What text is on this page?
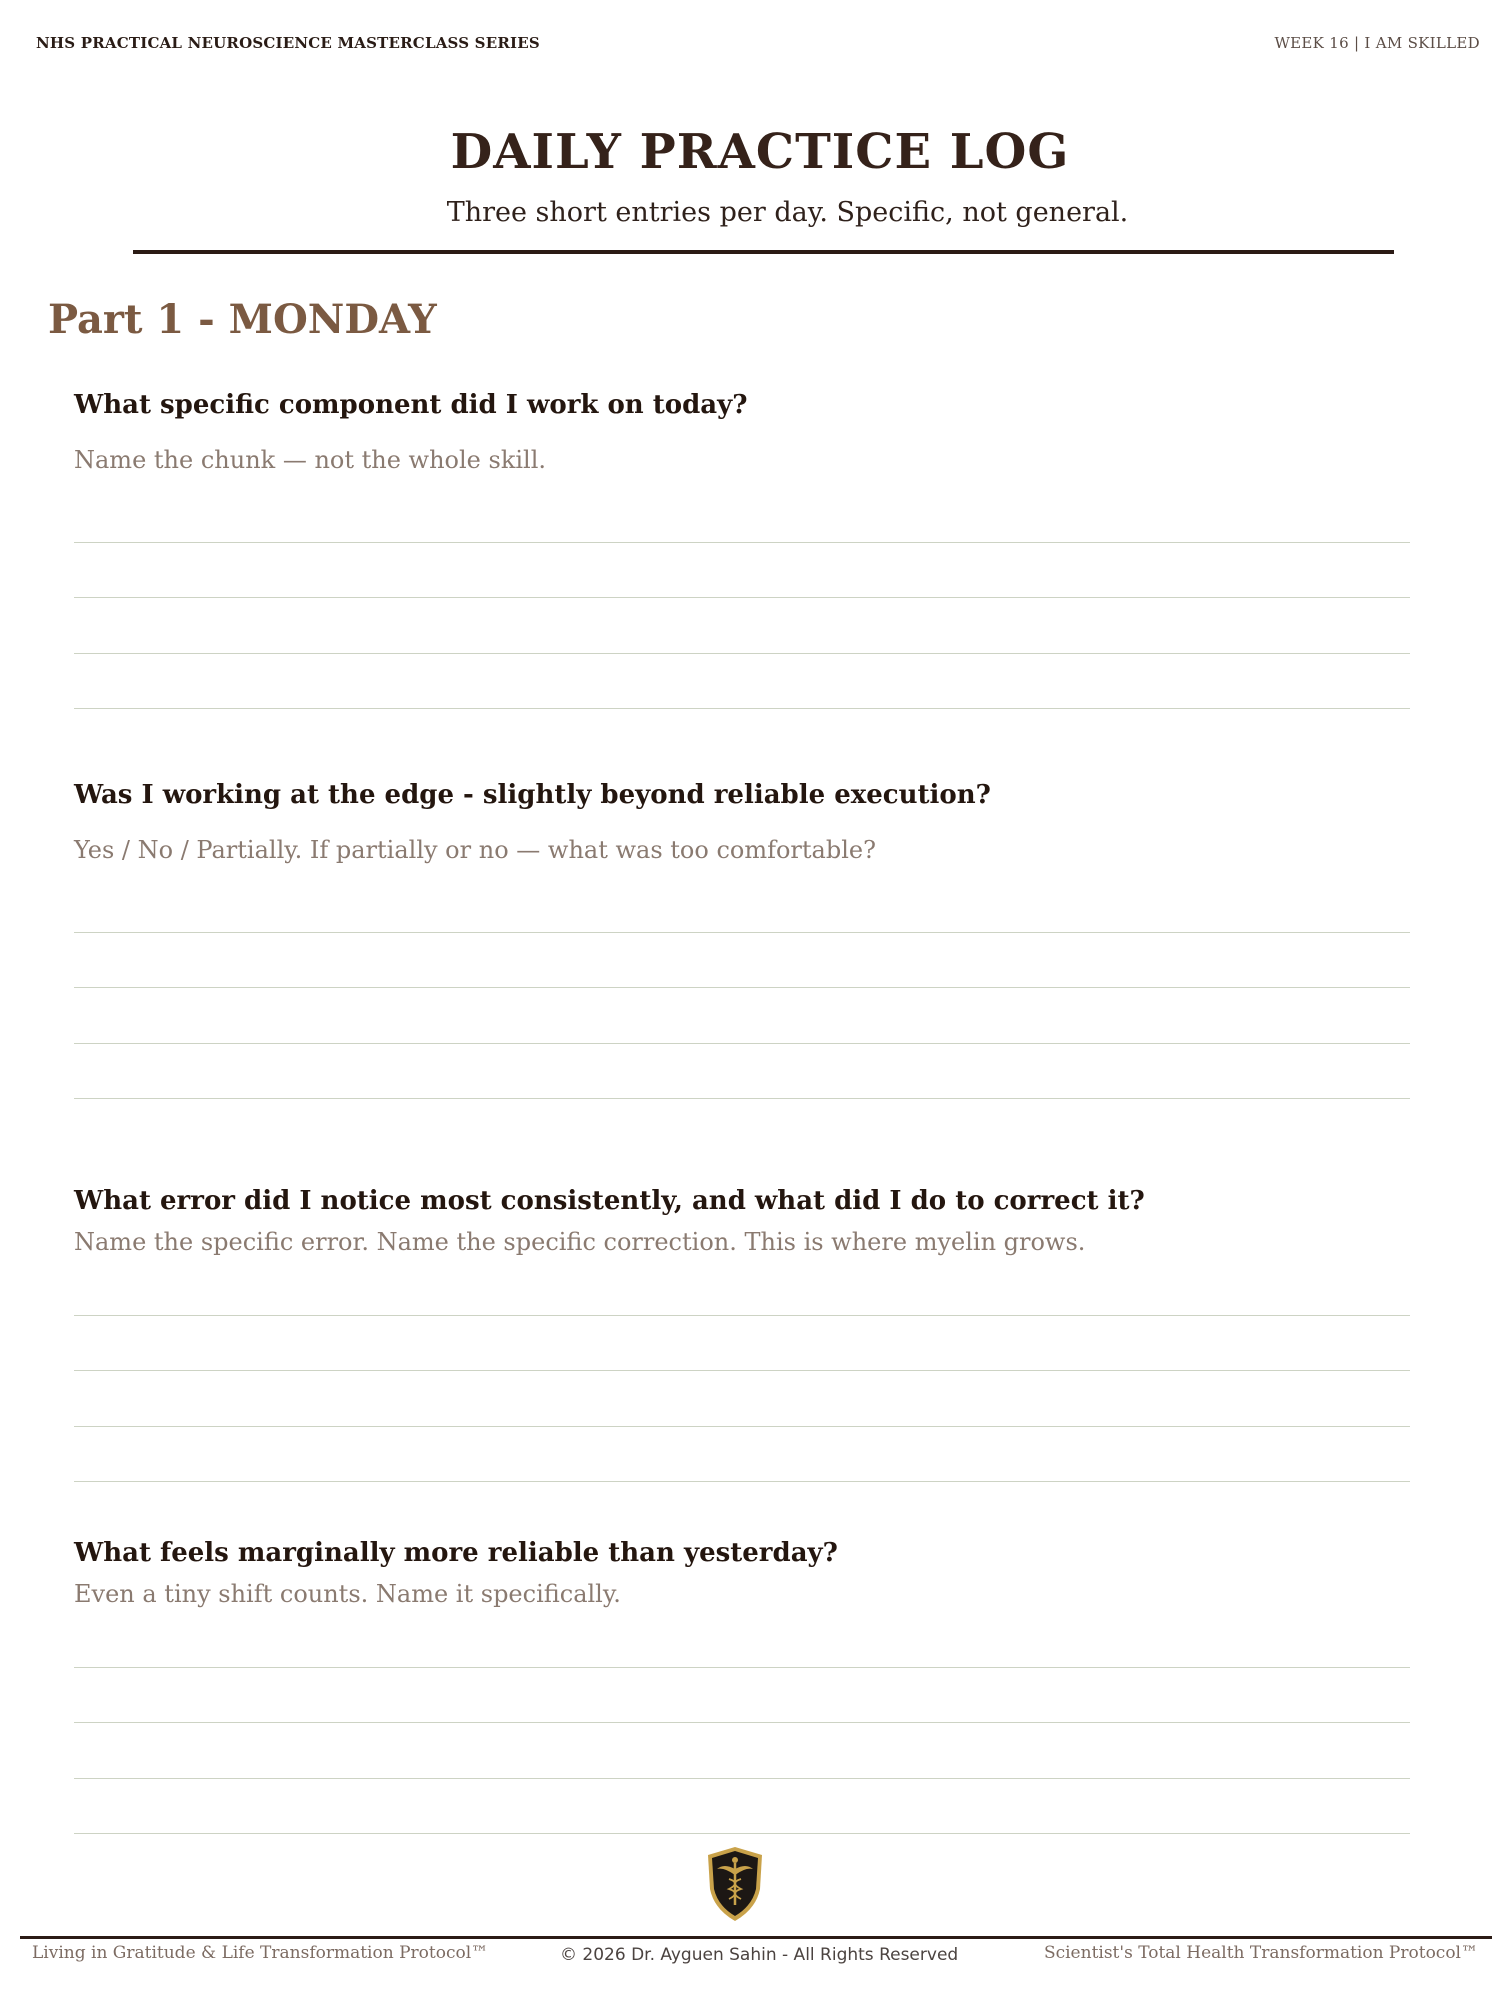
NHS PRACTICAL NEUROSCIENCE MASTERCLASS SERIES	WEEK 16 | I AM SKILLED
DAILY PRACTICE LOG
Three short entries per day. Specific, not general.
Part 1 - MONDAY
What specific component did I work on today?
Name the chunk — not the whole skill.
Was I working at the edge - slightly beyond reliable execution?
Yes / No / Partially. If partially or no — what was too comfortable?
What error did I notice most consistently, and what did I do to correct it?
Name the specific error. Name the specific correction. This is where myelin grows.
What feels marginally more reliable than yesterday?
Even a tiny shift counts. Name it specifically.
Living in Gratitude & Life Transformation Protocol™	© 2026 Dr. Ayguen Sahin - All Rights Reserved	Scientist's Total Health Transformation Protocol™
